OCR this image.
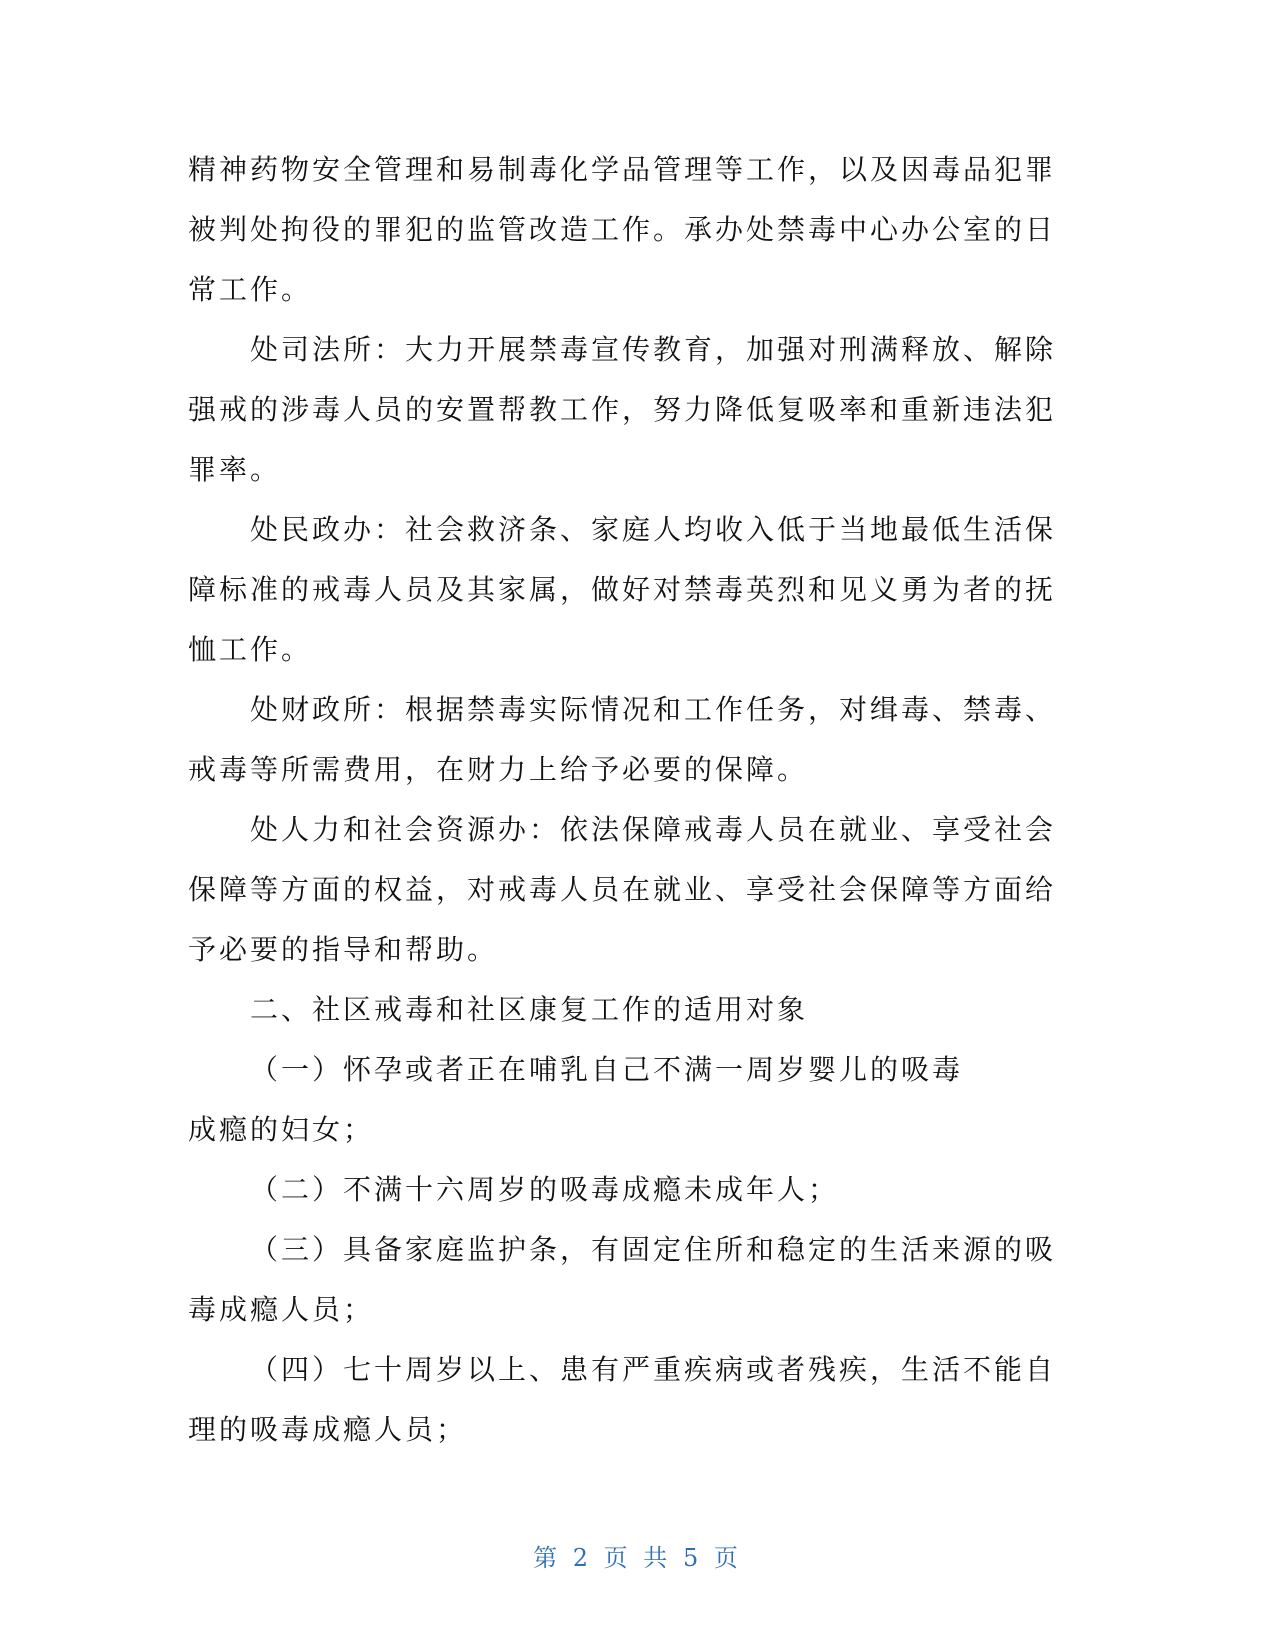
精神药物安全管理和易制毒化学品管理等工作，以及因毒品犯罪
被判处拘役的罪犯的监管改造工作。承办处禁毒中心办公室的日
常工作。
处司法所：大力开展禁毒宣传教育，加强对刑满释放、解除
强戒的涉毒人员的安置帮教工作，努力降低复吸率和重新违法犯
罪率。
处民政办：社会救济条、家庭人均收入低于当地最低生活保
障标准的戒毒人员及其家属，做好对禁毒英烈和见义勇为者的抚
恤工作。
处财政所：根据禁毒实际情况和工作任务，对缉毒、禁毒、
戒毒等所需费用，在财力上给予必要的保障。
处人力和社会资源办：依法保障戒毒人员在就业、享受社会
保障等方面的权益，对戒毒人员在就业、享受社会保障等方面给
予必要的指导和帮助。
二、社区戒毒和社区康复工作的适用对象
（一）怀孕或者正在哺乳自己不满一周岁婴儿的吸毒
成瘾的妇女；
（二）不满十六周岁的吸毒成瘾未成年人；
（三）具备家庭监护条，有固定住所和稳定的生活来源的吸
毒成瘾人员；
（四）七十周岁以上、患有严重疾病或者残疾，生活不能自
理的吸毒成瘾人员；
第 2 页 共 5 页
